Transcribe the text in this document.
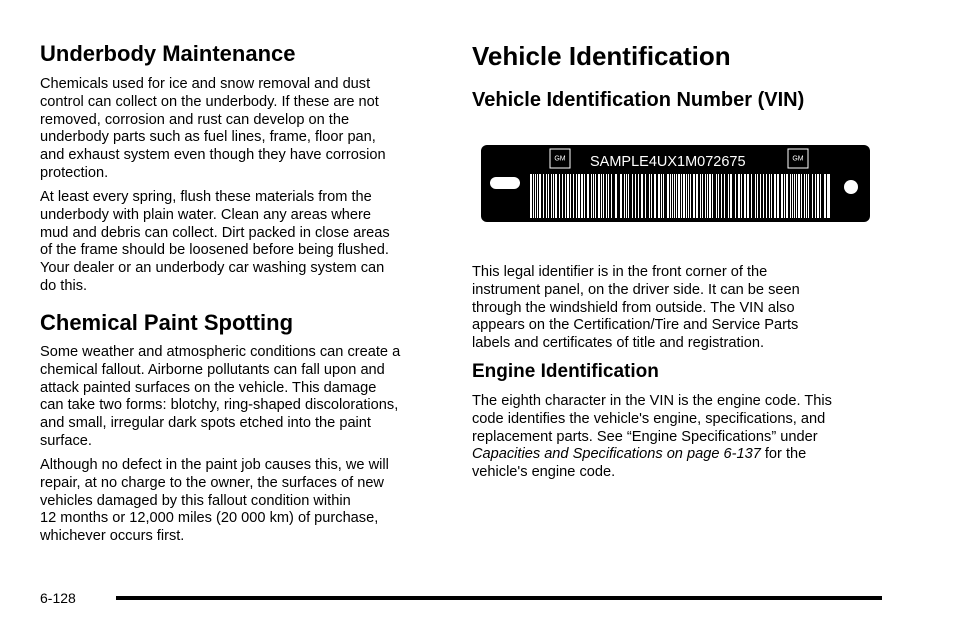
Underbody Maintenance

Chemicals used for ice and snow removal and dust
control can collect on the underbody. If these are not
removed, corrosion and rust can develop on the
underbody parts such as fuel lines, frame, floor pan,
and exhaust system even though they have corrosion
protection.

At least every spring, flush these materials from the
underbody with plain water. Clean any areas where
mud and debris can collect. Dirt packed in close areas
of the frame should be loosened before being flushed.
Your dealer or an underbody car washing system can
do this.

Chemical Paint Spotting

Some weather and atmospheric conditions can create a
chemical fallout. Airborne pollutants can fall upon and
attack painted surfaces on the vehicle. This damage
can take two forms: blotchy, ring-shaped discolorations,
and small, irregular dark spots etched into the paint
surface.

Although no defect in the paint job causes this, we will
repair, at no charge to the owner, the surfaces of new
vehicles damaged by this fallout condition within
12 months or 12,000 miles (20 000 km) of purchase,
whichever occurs first.

Vehicle Identification
Vehicle Identification Number (VIN)
GM SAMPLE4UX1M072675	GM

This legal identifier is in the front corner of the
instrument panel, on the driver side. It can be seen
through the windshield from outside. The VIN also
appears on the Certification/Tire and Service Parts
labels and certificates of title and registration.

Engine Identification

The eighth character in the VIN is the engine code. This
code identifies the vehicle's engine, specifications, and
replacement parts. See “Engine Specifications” under
Capacities and Specifications on page 6-137 for the
vehicle's engine code.

6-128
